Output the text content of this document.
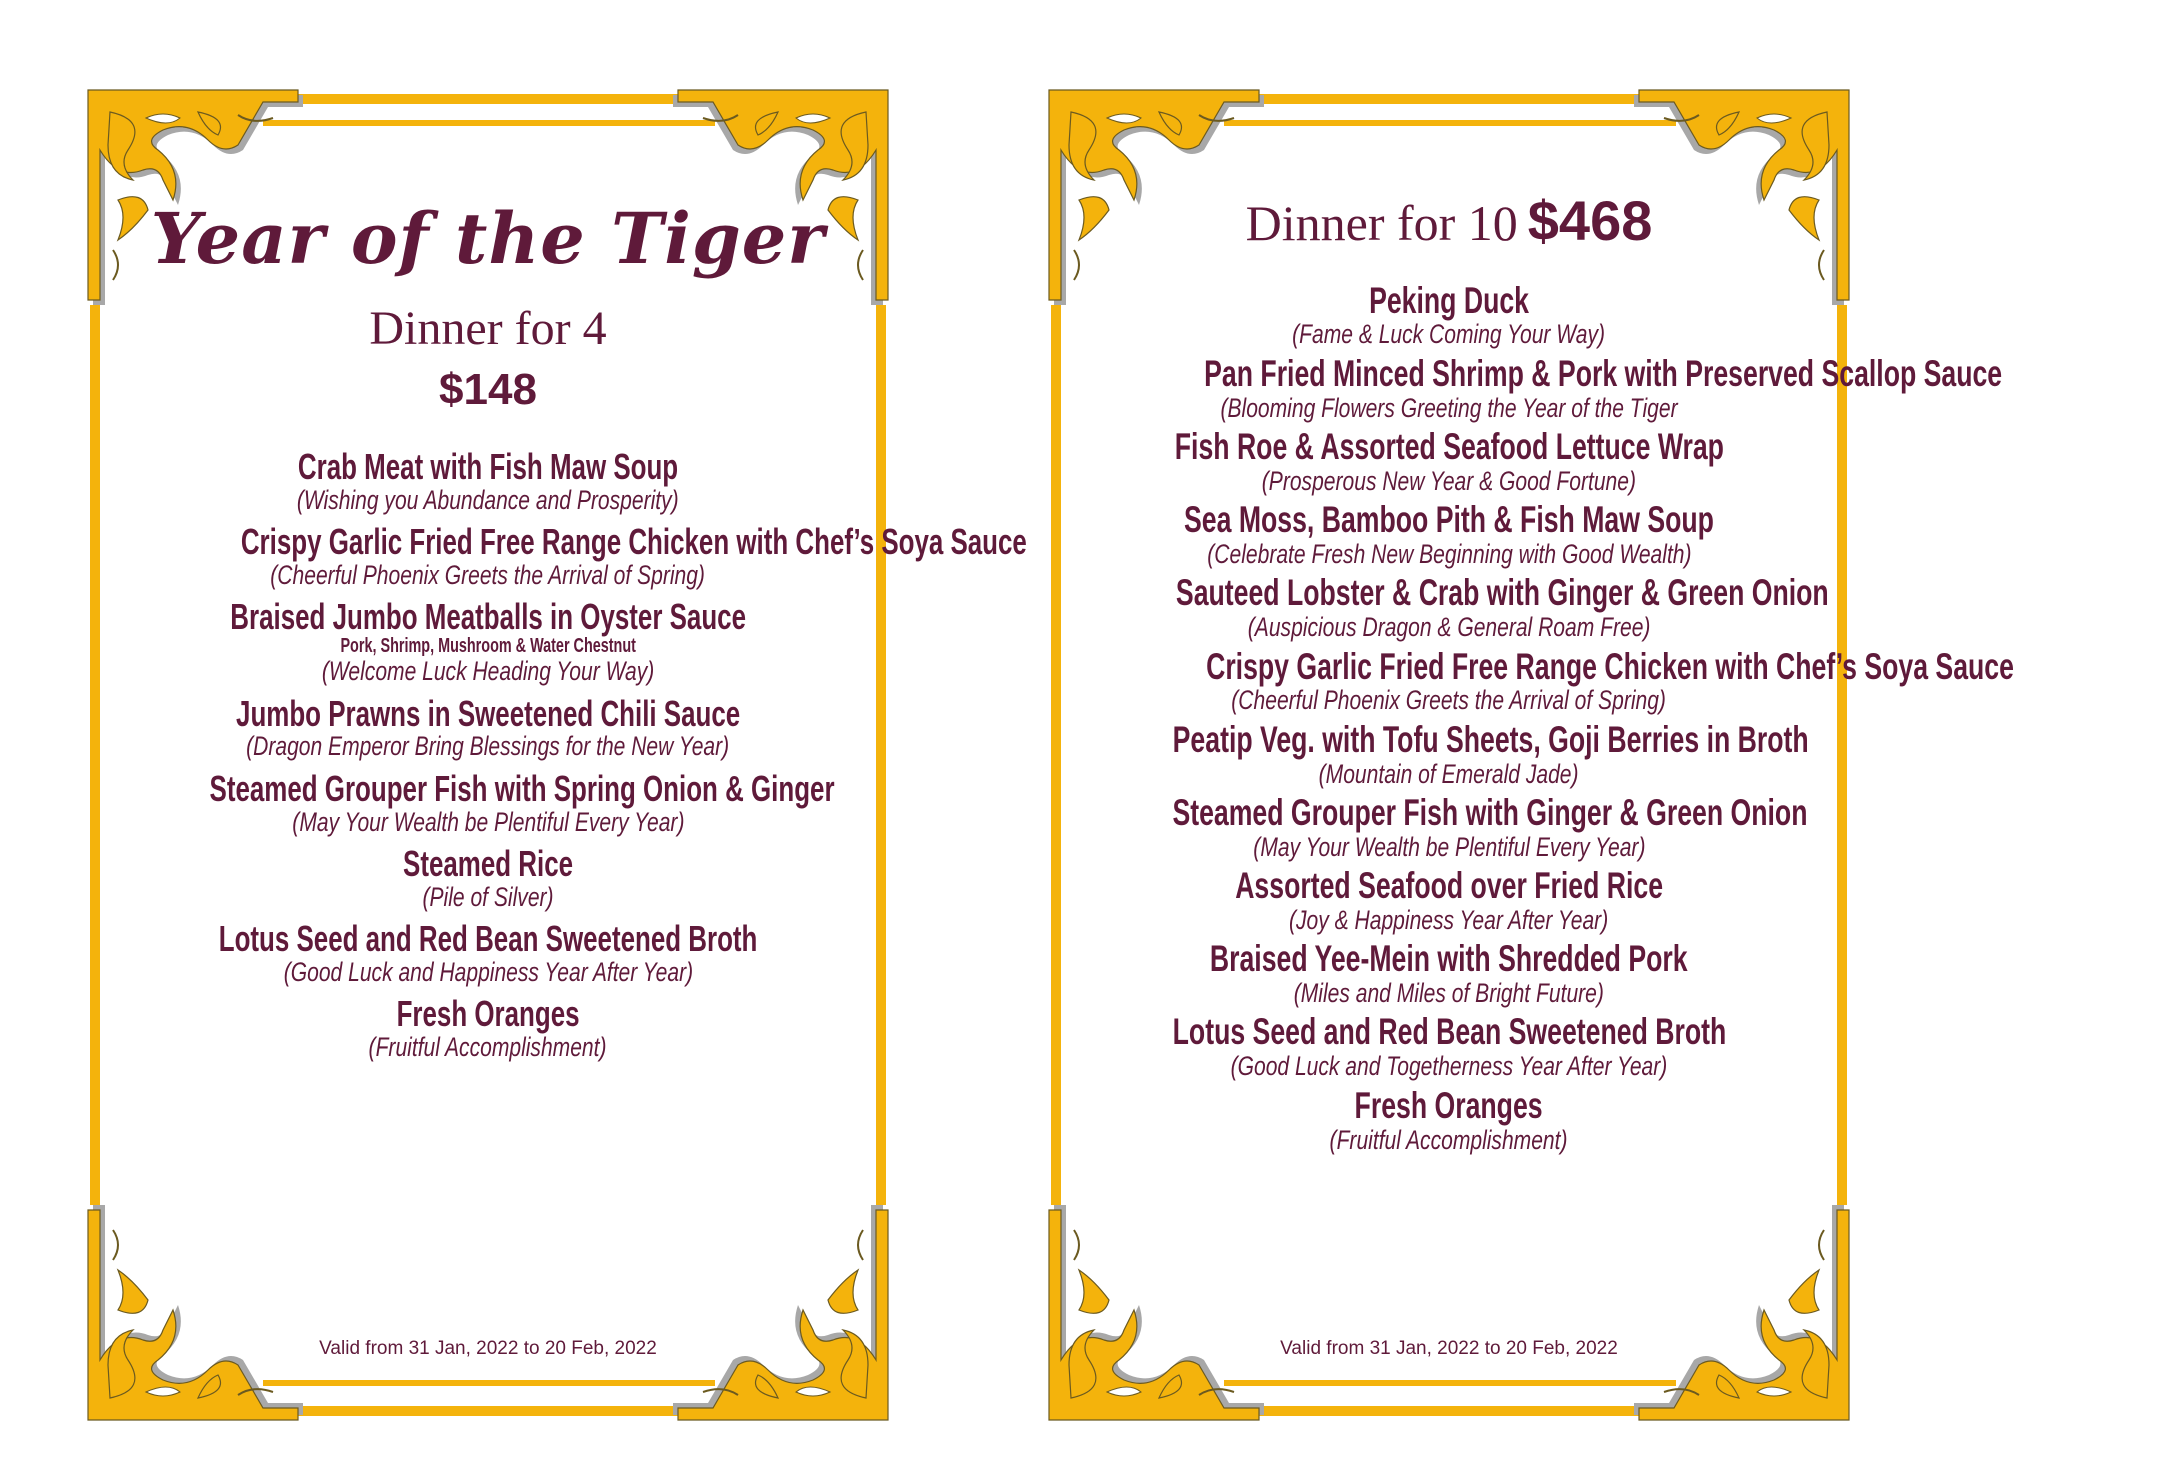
Year of the Tiger
Dinner for 4
$148
Crab Meat with Fish Maw Soup
(Wishing you Abundance and Prosperity)
Crispy Garlic Fried Free Range Chicken with Chef’s Soya Sauce
(Cheerful Phoenix Greets the Arrival of Spring)
Braised Jumbo Meatballs in Oyster Sauce
Pork, Shrimp, Mushroom & Water Chestnut
(Welcome Luck Heading Your Way)
Jumbo Prawns in Sweetened Chili Sauce
(Dragon Emperor Bring Blessings for the New Year)
Steamed Grouper Fish with Spring Onion & Ginger
(May Your Wealth be Plentiful Every Year)
Steamed Rice
(Pile of Silver)
Lotus Seed and Red Bean Sweetened Broth
(Good Luck and Happiness Year After Year)
Fresh Oranges
(Fruitful Accomplishment)
Valid from 31 Jan, 2022 to 20 Feb, 2022
Dinner for 10 $468
Peking Duck
(Fame & Luck Coming Your Way)
Pan Fried Minced Shrimp & Pork with Preserved Scallop Sauce
(Blooming Flowers Greeting the Year of the Tiger
Fish Roe & Assorted Seafood Lettuce Wrap
(Prosperous New Year & Good Fortune)
Sea Moss, Bamboo Pith & Fish Maw Soup
(Celebrate Fresh New Beginning with Good Wealth)
Sauteed Lobster & Crab with Ginger & Green Onion
(Auspicious Dragon & General Roam Free)
Crispy Garlic Fried Free Range Chicken with Chef’s Soya Sauce
(Cheerful Phoenix Greets the Arrival of Spring)
Peatip Veg. with Tofu Sheets, Goji Berries in Broth
(Mountain of Emerald Jade)
Steamed Grouper Fish with Ginger & Green Onion
(May Your Wealth be Plentiful Every Year)
Assorted Seafood over Fried Rice
(Joy & Happiness Year After Year)
Braised Yee-Mein with Shredded Pork
(Miles and Miles of Bright Future)
Lotus Seed and Red Bean Sweetened Broth
(Good Luck and Togetherness Year After Year)
Fresh Oranges
(Fruitful Accomplishment)
Valid from 31 Jan, 2022 to 20 Feb, 2022
